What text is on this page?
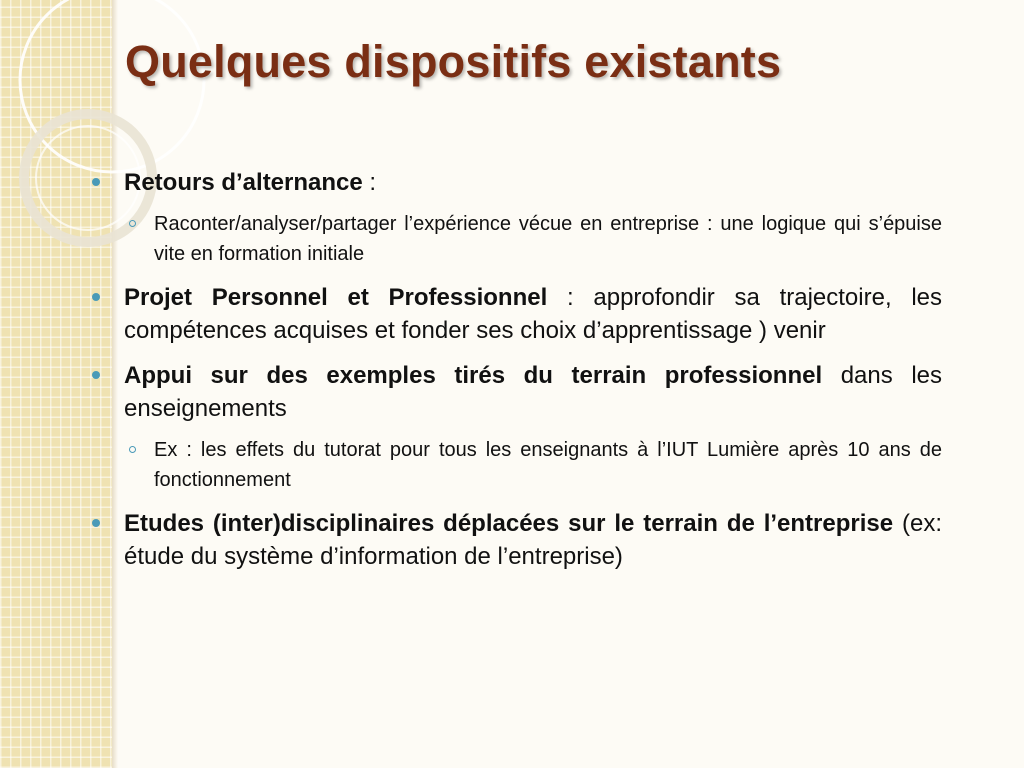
Quelques dispositifs existants
Retours d’alternance :
Raconter/analyser/partager l’expérience vécue en entreprise : une logique qui s’épuise vite en formation initiale
Projet Personnel et Professionnel : approfondir sa trajectoire, les compétences acquises et fonder ses choix d’apprentissage ) venir
Appui sur des exemples tirés du terrain professionnel dans les enseignements
Ex : les effets du tutorat pour tous les enseignants à l’IUT Lumière après 10 ans de fonctionnement
Etudes (inter)disciplinaires déplacées sur le terrain de l’entreprise (ex: étude du système d’information de l’entreprise)
